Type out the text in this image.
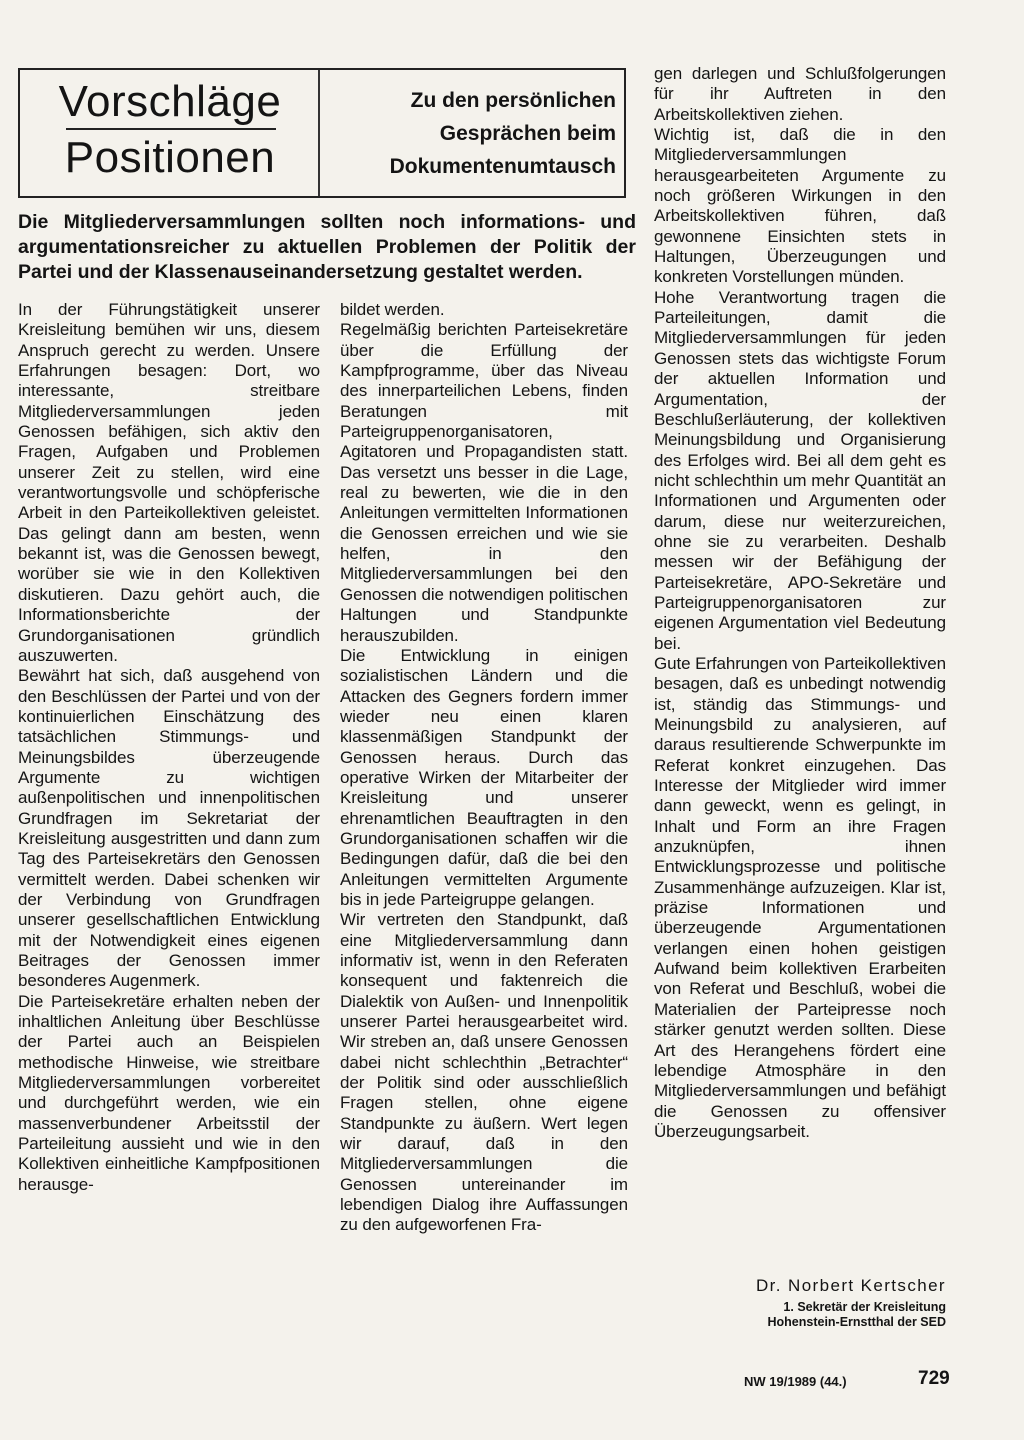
Vorschläge
Positionen
Zu den persönlichen
Gesprächen beim
Dokumentenumtausch
Die Mitgliederversammlungen sollten noch informations- und argumentationsreicher zu aktuellen Problemen der Politik der Partei und der Klassenauseinandersetzung gestaltet werden.

In der Führungstätigkeit unserer Kreisleitung bemühen wir uns, diesem Anspruch gerecht zu werden. Unsere Erfahrungen besagen: Dort, wo interessante, streitbare Mitgliederversammlungen jeden Genossen befähigen, sich aktiv den Fragen, Aufgaben und Problemen unserer Zeit zu stellen, wird eine verantwortungsvolle und schöpferische Arbeit in den Parteikollektiven geleistet. Das gelingt dann am besten, wenn bekannt ist, was die Genossen bewegt, worüber sie wie in den Kollektiven diskutieren. Dazu gehört auch, die Informationsberichte der Grundorganisationen gründlich auszuwerten.

Bewährt hat sich, daß ausgehend von den Beschlüssen der Partei und von der kontinuierlichen Einschätzung des tatsächlichen Stimmungs- und Meinungsbildes überzeugende Argumente zu wichtigen außenpolitischen und innenpolitischen Grundfragen im Sekretariat der Kreisleitung ausgestritten und dann zum Tag des Parteisekretärs den Genossen vermittelt werden. Dabei schenken wir der Verbindung von Grundfragen unserer gesellschaftlichen Entwicklung mit der Notwendigkeit eines eigenen Beitrages der Genossen immer besonderes Augenmerk.

Die Parteisekretäre erhalten neben der inhaltlichen Anleitung über Beschlüsse der Partei auch an Beispielen methodische Hinweise, wie streitbare Mitgliederversammlungen vorbereitet und durchgeführt werden, wie ein massenverbundener Arbeitsstil der Parteileitung aussieht und wie in den Kollektiven einheitliche Kampfpositionen herausge-

bildet werden.

Regelmäßig berichten Parteisekretäre über die Erfüllung der Kampfprogramme, über das Niveau des innerparteilichen Lebens, finden Beratungen mit Parteigruppenorganisatoren, Agitatoren und Propagandisten statt. Das versetzt uns besser in die Lage, real zu bewerten, wie die in den Anleitungen vermittelten Informationen die Genossen erreichen und wie sie helfen, in den Mitgliederversammlungen bei den Genossen die notwendigen politischen Haltungen und Standpunkte herauszubilden.

Die Entwicklung in einigen sozialistischen Ländern und die Attacken des Gegners fordern immer wieder neu einen klaren klassenmäßigen Standpunkt der Genossen heraus. Durch das operative Wirken der Mitarbeiter der Kreisleitung und unserer ehrenamtlichen Beauftragten in den Grundorganisationen schaffen wir die Bedingungen dafür, daß die bei den Anleitungen vermittelten Argumente bis in jede Parteigruppe gelangen.

Wir vertreten den Standpunkt, daß eine Mitgliederversammlung dann informativ ist, wenn in den Referaten konsequent und faktenreich die Dialektik von Außen- und Innenpolitik unserer Partei herausgearbeitet wird. Wir streben an, daß unsere Genossen dabei nicht schlechthin „Betrachter“ der Politik sind oder ausschließlich Fragen stellen, ohne eigene Standpunkte zu äußern. Wert legen wir darauf, daß in den Mitgliederversammlungen die Genossen untereinander im lebendigen Dialog ihre Auffassungen zu den aufgeworfenen Fra-

gen darlegen und Schlußfolgerungen für ihr Auftreten in den Arbeitskollektiven ziehen.

Wichtig ist, daß die in den Mitgliederversammlungen herausgearbeiteten Argumente zu noch größeren Wirkungen in den Arbeitskollektiven führen, daß gewonnene Einsichten stets in Haltungen, Überzeugungen und konkreten Vorstellungen münden.

Hohe Verantwortung tragen die Parteileitungen, damit die Mitgliederversammlungen für jeden Genossen stets das wichtigste Forum der aktuellen Information und Argumentation, der Beschlußerläuterung, der kollektiven Meinungsbildung und Organisierung des Erfolges wird. Bei all dem geht es nicht schlechthin um mehr Quantität an Informationen und Argumenten oder darum, diese nur weiterzureichen, ohne sie zu verarbeiten. Deshalb messen wir der Befähigung der Parteisekretäre, APO-Sekretäre und Parteigruppenorganisatoren zur eigenen Argumentation viel Bedeutung bei.

Gute Erfahrungen von Parteikollektiven besagen, daß es unbedingt notwendig ist, ständig das Stimmungs- und Meinungsbild zu analysieren, auf daraus resultierende Schwerpunkte im Referat konkret einzugehen. Das Interesse der Mitglieder wird immer dann geweckt, wenn es gelingt, in Inhalt und Form an ihre Fragen anzuknüpfen, ihnen Entwicklungsprozesse und politische Zusammenhänge aufzuzeigen. Klar ist, präzise Informationen und überzeugende Argumentationen verlangen einen hohen geistigen Aufwand beim kollektiven Erarbeiten von Referat und Beschluß, wobei die Materialien der Parteipresse noch stärker genutzt werden sollten. Diese Art des Herangehens fördert eine lebendige Atmosphäre in den Mitgliederversammlungen und befähigt die Genossen zu offensiver Überzeugungsarbeit.

Dr. Norbert Kertscher
1. Sekretär der Kreisleitung
Hohenstein-Ernstthal der SED
NW 19/1989 (44.)	729
